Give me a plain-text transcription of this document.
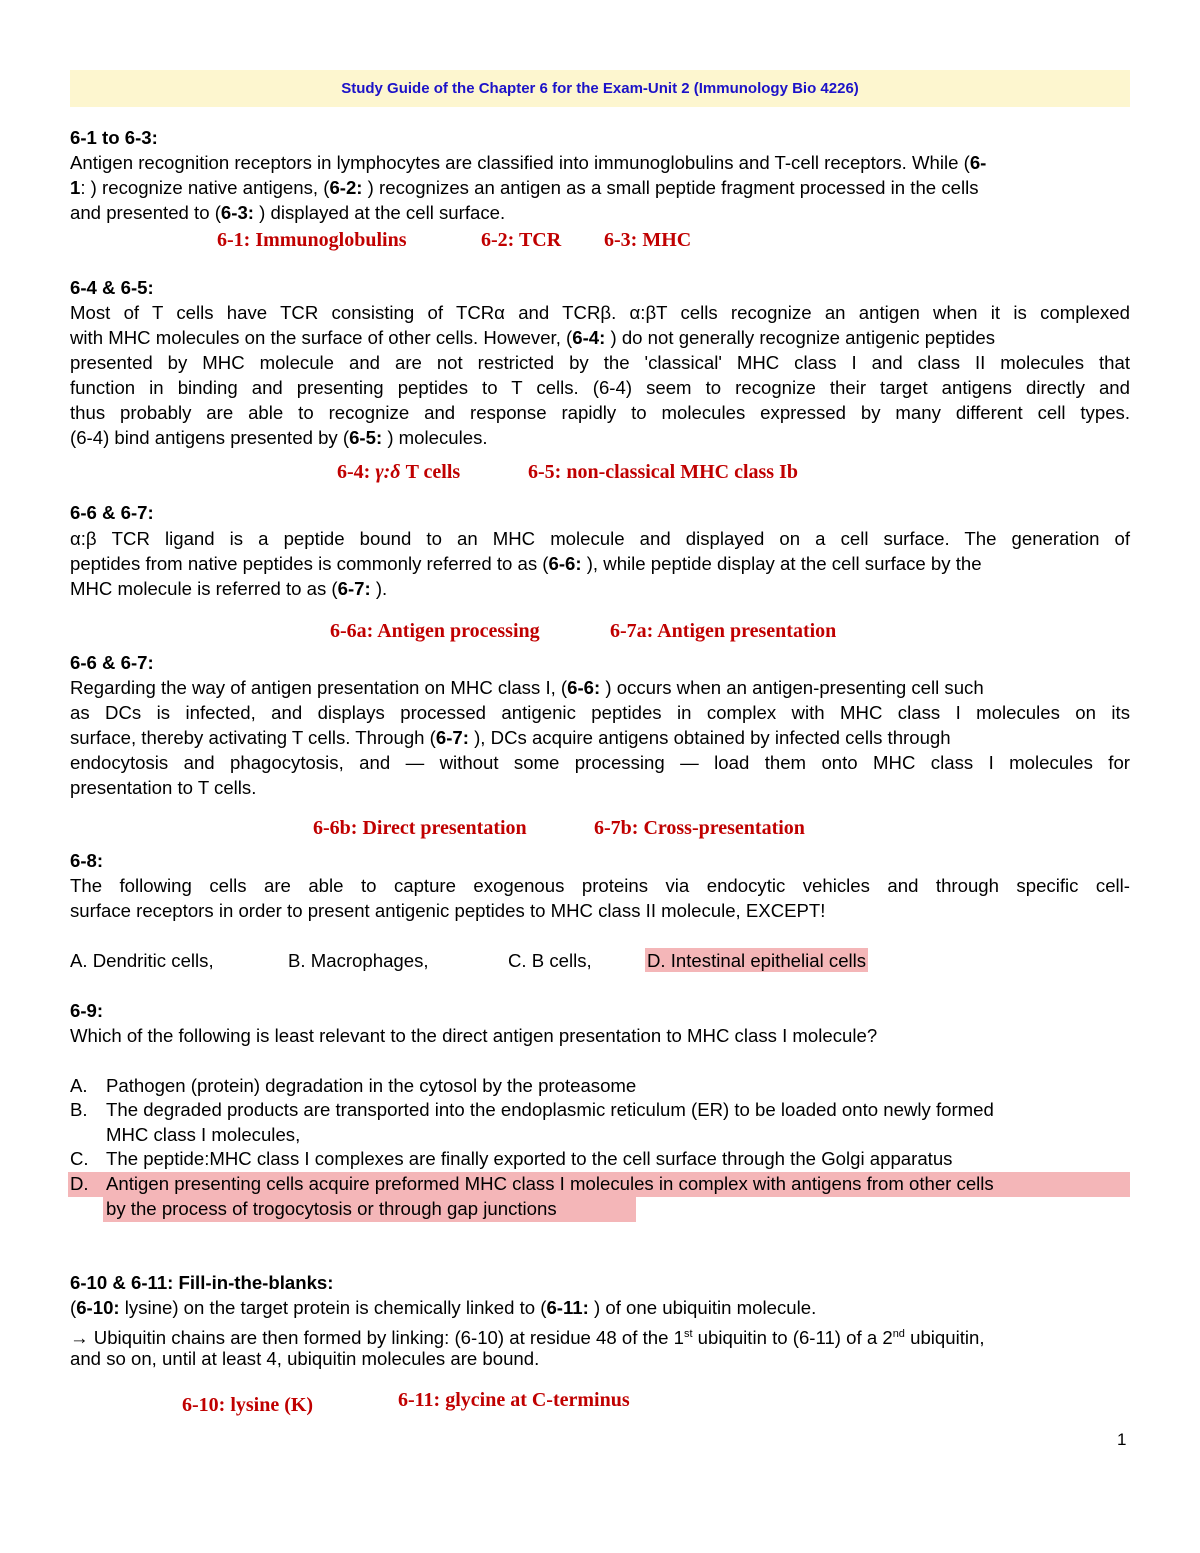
Study Guide of the Chapter 6 for the Exam-Unit 2 (Immunology Bio 4226)
6-1 to 6-3:
Antigen recognition receptors in lymphocytes are classified into immunoglobulins and T-cell receptors. While (6-
1: ) recognize native antigens, (6-2: ) recognizes an antigen as a small peptide fragment processed in the cells
and presented to (6-3: ) displayed at the cell surface.
6-1: Immunoglobulins	6-2: TCR 6-3: MHC
6-4 & 6-5:
Most of T cells have TCR consisting of TCRα and TCRβ. α:βT cells recognize an antigen when it is complexed
with MHC molecules on the surface of other cells. However, (6-4: ) do not generally recognize antigenic peptides
presented by MHC molecule and are not restricted by the 'classical' MHC class I and class II molecules that
function in binding and presenting peptides to T cells. (6-4) seem to recognize their target antigens directly and
thus probably are able to recognize and response rapidly to molecules expressed by many different cell types.
(6-4) bind antigens presented by (6-5: ) molecules.
6-4: γ:δ T cells	6-5: non-classical MHC class Ib
6-6 & 6-7:
α:β TCR ligand is a peptide bound to an MHC molecule and displayed on a cell surface. The generation of
peptides from native peptides is commonly referred to as (6-6: ), while peptide display at the cell surface by the
MHC molecule is referred to as (6-7: ).
6-6a: Antigen processing	6-7a: Antigen presentation
6-6 & 6-7:
Regarding the way of antigen presentation on MHC class I, (6-6: ) occurs when an antigen-presenting cell such
as DCs is infected, and displays processed antigenic peptides in complex with MHC class I molecules on its
surface, thereby activating T cells. Through (6-7: ), DCs acquire antigens obtained by infected cells through
endocytosis and phagocytosis, and — without some processing — load them onto MHC class I molecules for
presentation to T cells.
6-6b: Direct presentation	6-7b: Cross-presentation
6-8:
The following cells are able to capture exogenous proteins via endocytic vehicles and through specific cell-
surface receptors in order to present antigenic peptides to MHC class II molecule, EXCEPT!
A. Dendritic cells,	B. Macrophages,	C. B cells,	D. Intestinal epithelial cells
6-9:
Which of the following is least relevant to the direct antigen presentation to MHC class I molecule?
A. Pathogen (protein) degradation in the cytosol by the proteasome
B. The degraded products are transported into the endoplasmic reticulum (ER) to be loaded onto newly formed
MHC class I molecules,
C. The peptide:MHC class I complexes are finally exported to the cell surface through the Golgi apparatus
D. Antigen presenting cells acquire preformed MHC class I molecules in complex with antigens from other cells
by the process of trogocytosis or through gap junctions
6-10 & 6-11: Fill-in-the-blanks:
(6-10: lysine) on the target protein is chemically linked to (6-11: ) of one ubiquitin molecule.
→ Ubiquitin chains are then formed by linking: (6-10) at residue 48 of the 1st ubiquitin to (6-11) of a 2nd ubiquitin,
and so on, until at least 4, ubiquitin molecules are bound.
6-10: lysine (K)	6-11: glycine at C-terminus
1
